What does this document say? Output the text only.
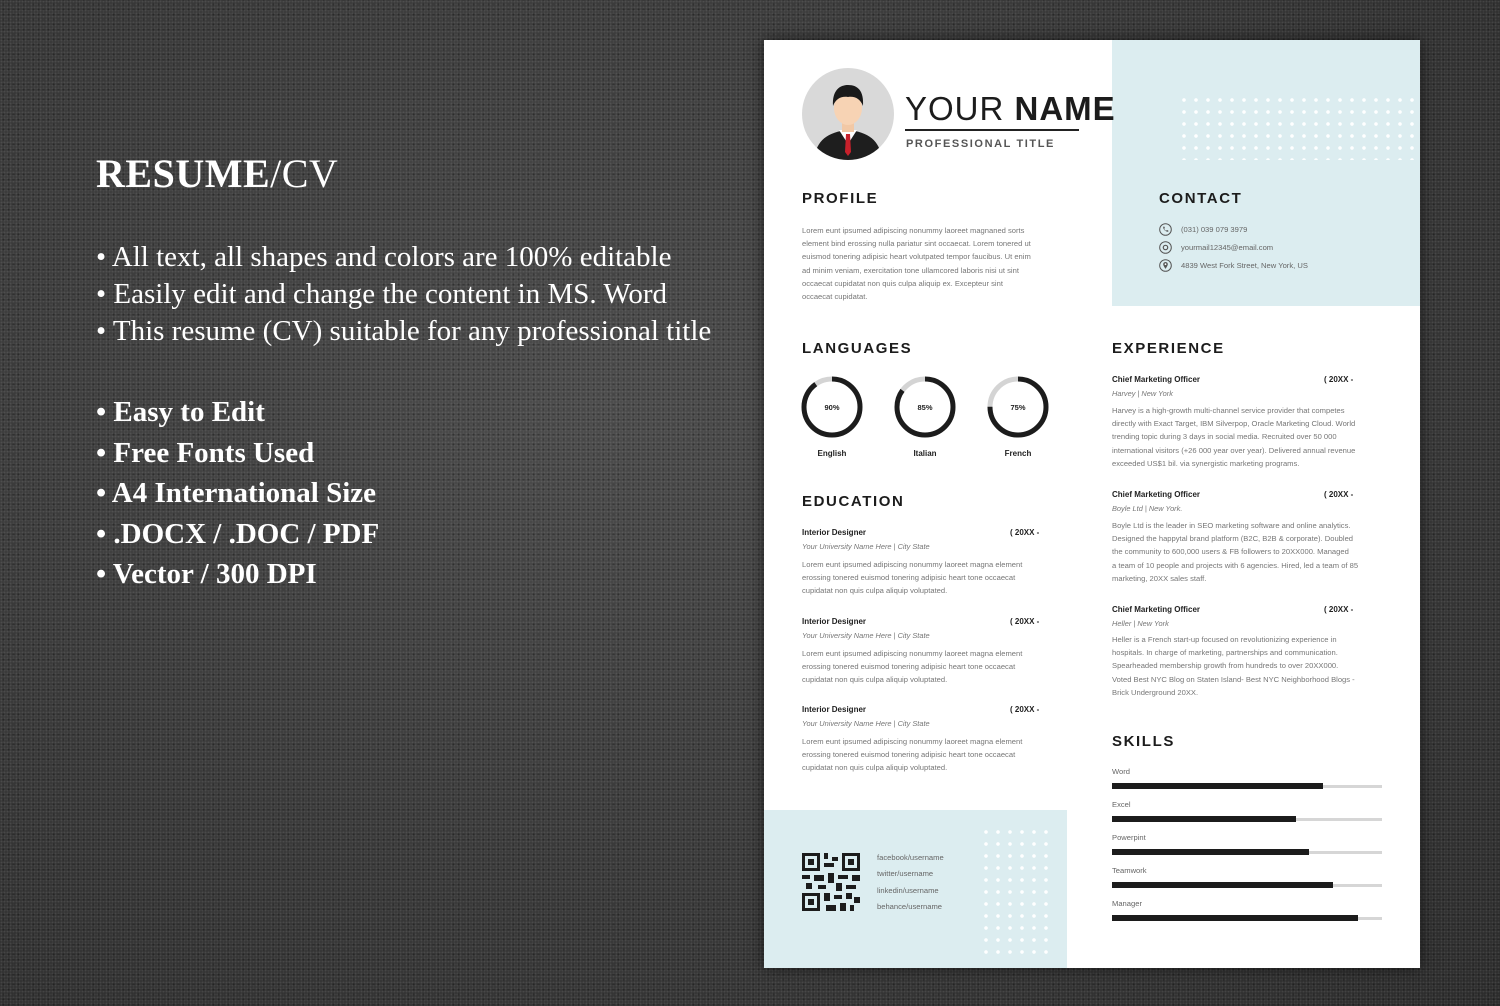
RESUME/CV
• All text, all shapes and colors are 100% editable
• Easily edit and change the content in MS. Word
• This resume (CV) suitable for any professional title
• Easy to Edit
• Free Fonts Used
• A4 International Size
• .DOCX / .DOC / PDF
• Vector / 300 DPI
YOUR NAME
PROFESSIONAL TITLE
PROFILE
Lorem eunt ipsumed adipiscing nonummy laoreet magnaned sorts
element bind erossing nulla pariatur sint occaecat. Lorem tonered ut
euismod tonering adipisic heart volutpated tempor faucibus. Ut enim
ad minim veniam, exercitation tone ullamcored laboris nisi ut sint
occaecat cupidatat non quis culpa aliquip ex. Excepteur sint
occaecat cupidatat.
CONTACT
(031) 039 079 3979
yourmail12345@email.com
4839 West Fork Street, New York, US
LANGUAGES
90%
English
85%
Italian
75%
French
EDUCATION
Interior Designer	( 20XX -
Your University Name Here | City State
Lorem eunt ipsumed adipiscing nonummy laoreet magna element
erossing tonered euismod tonering adipisic heart tone occaecat
cupidatat non quis culpa aliquip voluptated.
Interior Designer	( 20XX -
Your University Name Here | City State
Lorem eunt ipsumed adipiscing nonummy laoreet magna element
erossing tonered euismod tonering adipisic heart tone occaecat
cupidatat non quis culpa aliquip voluptated.
Interior Designer	( 20XX -
Your University Name Here | City State
Lorem eunt ipsumed adipiscing nonummy laoreet magna element
erossing tonered euismod tonering adipisic heart tone occaecat
cupidatat non quis culpa aliquip voluptated.
EXPERIENCE
Chief Marketing Officer	( 20XX -
Harvey | New York
Harvey is a high-growth multi-channel service provider that competes
directly with Exact Target, IBM Silverpop, Oracle Marketing Cloud. World
trending topic during 3 days in social media. Recruited over 50 000
international visitors (+26 000 year over year). Delivered annual revenue
exceeded US$1 bil. via synergistic marketing programs.
Chief Marketing Officer	( 20XX -
Boyle Ltd | New York.
Boyle Ltd is the leader in SEO marketing software and online analytics.
Designed the happytal brand platform (B2C, B2B & corporate). Doubled
the community to 600,000 users & FB followers to 20XX000. Managed
a team of 10 people and projects with 6 agencies. Hired, led a team of 85
marketing, 20XX sales staff.
Chief Marketing Officer	( 20XX -
Heller | New York
Heller is a French start-up focused on revolutionizing experience in
hospitals. In charge of marketing, partnerships and communication.
Spearheaded membership growth from hundreds to over 20XX000.
Voted Best NYC Blog on Staten Island- Best NYC Neighborhood Blogs -
Brick Underground 20XX.
SKILLS
Word
Excel
Powerpint
Teamwork
Manager
facebook/username
twitter/username
linkedin/username
behance/username
